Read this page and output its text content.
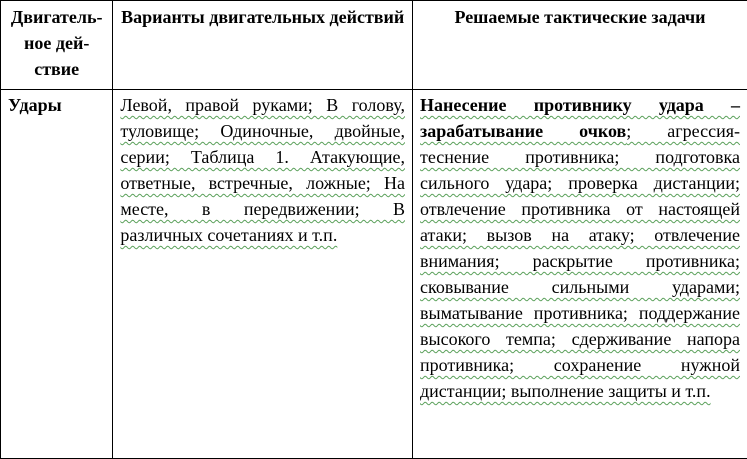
Двигательное действие	Варианты двигательных действий	Решаемые тактические задачи
Удары	Левой, правой руками; В голову, туловище; Одиночные, двойные, серии; Таблица 1. Атакующие, ответные, встречные, ложные; На месте, в передвижении; В различных сочетаниях и т.п.	Нанесение противнику удара – зарабатывание очков; агрессия-теснение противника; подготовка сильного удара; проверка дистанции; отвлечение противника от настоящей атаки; вызов на атаку; отвлечение внимания; раскрытие противника; сковывание сильными ударами; выматывание противника; поддержание высокого темпа; сдерживание напора противника; сохранение нужной дистанции; выполнение защиты и т.п.
